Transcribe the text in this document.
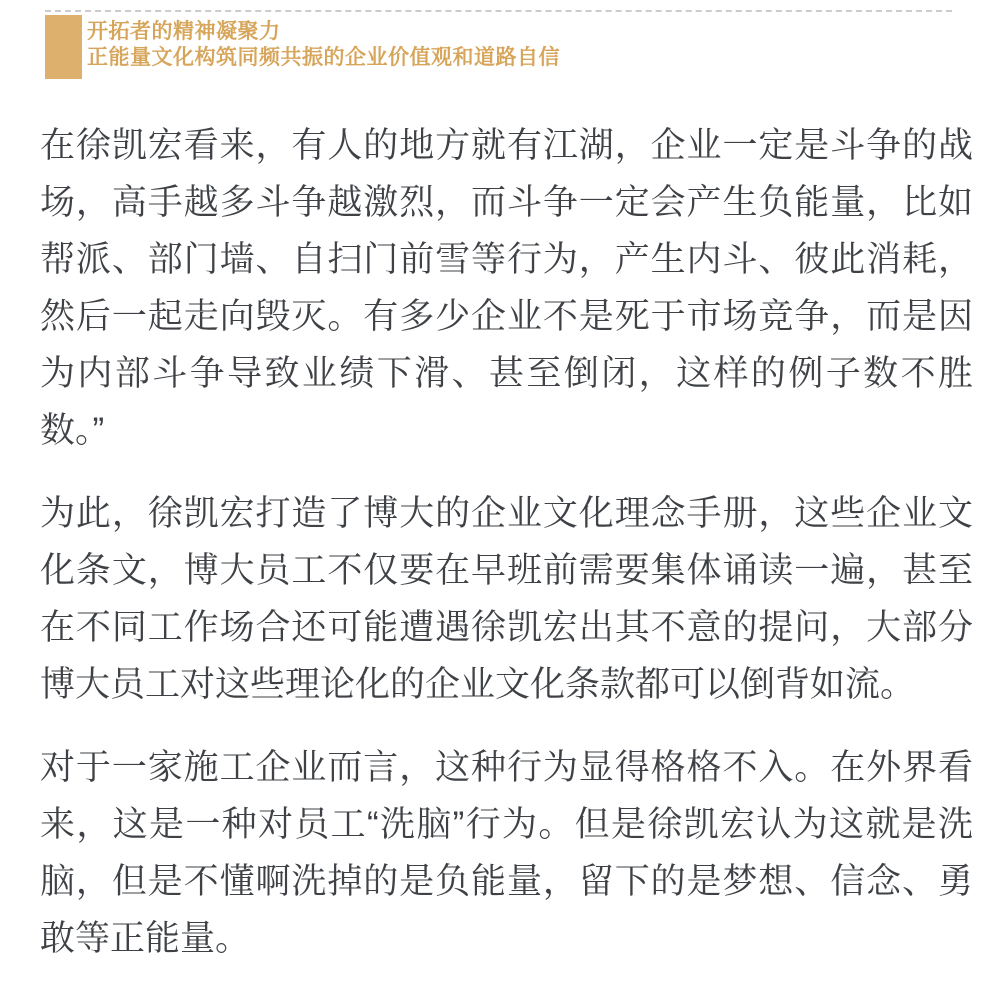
开拓者的精神凝聚力
正能量文化构筑同频共振的企业价值观和道路自信

在徐凯宏看来，有人的地方就有江湖，企业一定是斗争的战场，高手越多斗争越激烈，而斗争一定会产生负能量，比如帮派、部门墙、自扫门前雪等行为，产生内斗、彼此消耗，然后一起走向毁灭。有多少企业不是死于市场竞争，而是因为内部斗争导致业绩下滑、甚至倒闭，这样的例子数不胜数。”

为此，徐凯宏打造了博大的企业文化理念手册，这些企业文化条文，博大员工不仅要在早班前需要集体诵读一遍，甚至在不同工作场合还可能遭遇徐凯宏出其不意的提问，大部分博大员工对这些理论化的企业文化条款都可以倒背如流。

对于一家施工企业而言，这种行为显得格格不入。在外界看来，这是一种对员工“洗脑”行为。但是徐凯宏认为这就是洗脑，但是不懂啊洗掉的是负能量，留下的是梦想、信念、勇敢等正能量。
